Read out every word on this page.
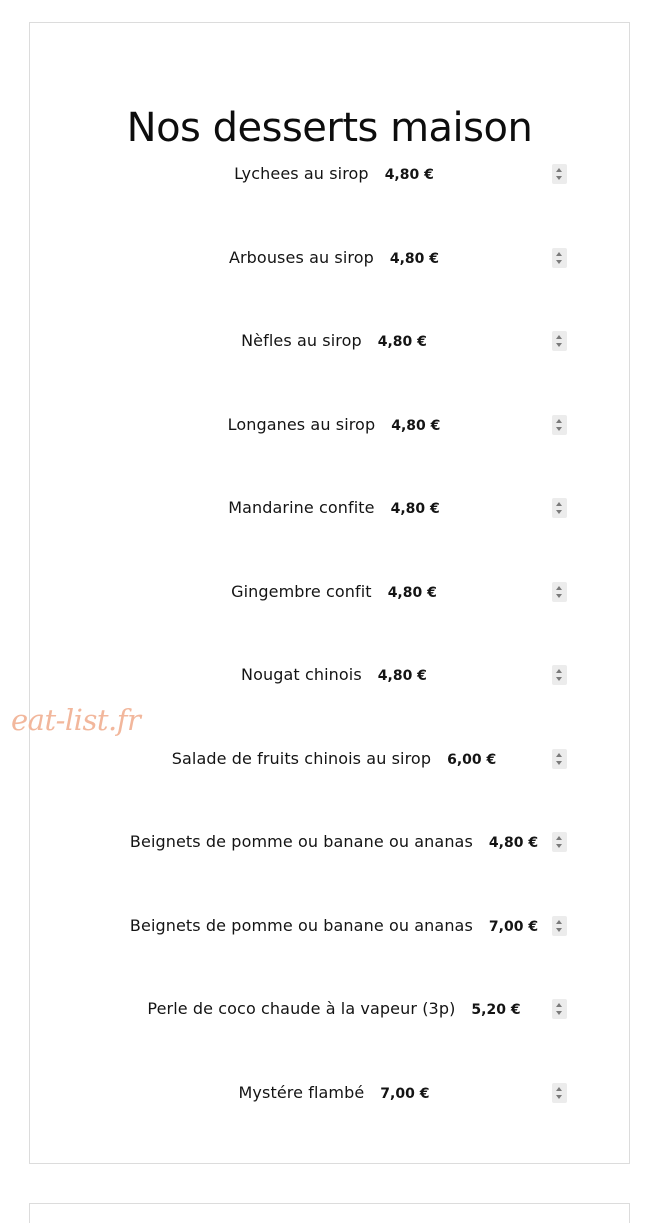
Nos desserts maison
Lychees au sirop 4,80 €
Arbouses au sirop 4,80 €
Nèfles au sirop 4,80 €
Longanes au sirop 4,80 €
Mandarine confite 4,80 €
Gingembre confit 4,80 €
Nougat chinois 4,80 €
Salade de fruits chinois au sirop 6,00 €
Beignets de pomme ou banane ou ananas 4,80 €
Beignets de pomme ou banane ou ananas 7,00 €
Perle de coco chaude à la vapeur (3p) 5,20 €
Mystére flambé 7,00 €
eat-list.fr
